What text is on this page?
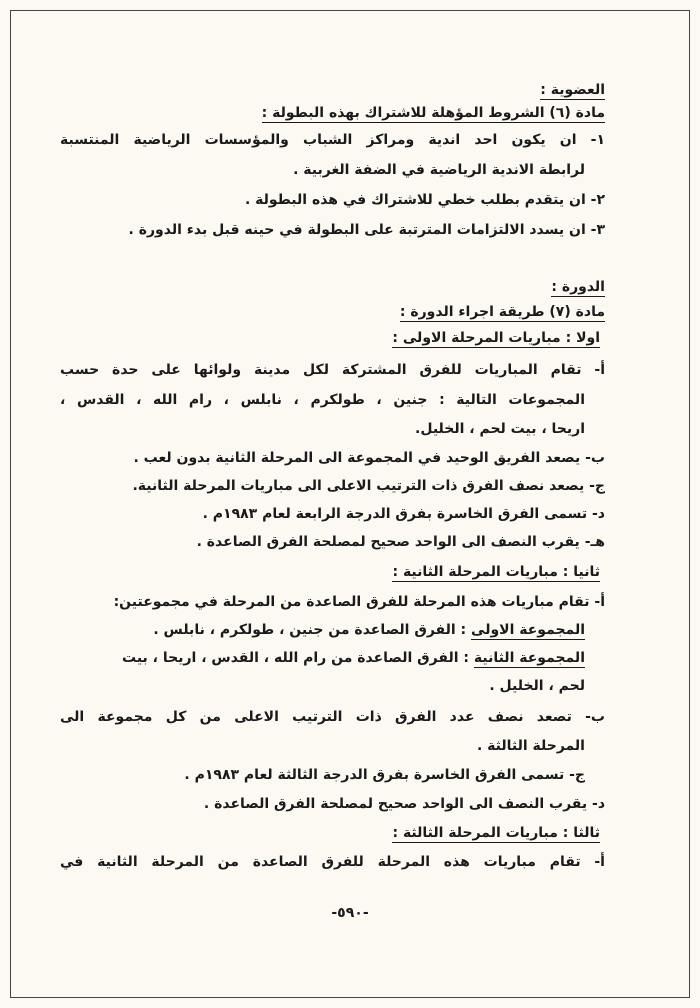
العضوية :
مادة (٦) الشروط المؤهلة للاشتراك بهذه البطولة :
١- ان يكون احد اندية ومراكز الشباب والمؤسسات الرياضية المنتسبة
لرابطة الاندية الرياضية في الضفة الغربية .
٢- ان يتقدم بطلب خطي للاشتراك في هذه البطولة .
٣- ان يسدد الالتزامات المترتبة على البطولة في حينه قبل بدء الدورة .
الدورة :
مادة (٧) طريقة اجراء الدورة :
اولا : مباريات المرحلة الاولى :
أ- تقام المباريات للفرق المشتركة لكل مدينة ولوائها على حدة حسب
المجموعات التالية : جنين ، طولكرم ، نابلس ، رام الله ، القدس ،
اريحا ، بيت لحم ، الخليل.
ب- يصعد الفريق الوحيد في المجموعة الى المرحلة الثانية بدون لعب .
ج- يصعد نصف الفرق ذات الترتيب الاعلى الى مباريات المرحلة الثانية.
د- تسمى الفرق الخاسرة بفرق الدرجة الرابعة لعام ١٩٨٣م .
هـ- يقرب النصف الى الواحد صحيح لمصلحة الفرق الصاعدة .
ثانيا : مباريات المرحلة الثانية :
أ- تقام مباريات هذه المرحلة للفرق الصاعدة من المرحلة في مجموعتين:
المجموعة الاولى : الفرق الصاعدة من جنين ، طولكرم ، نابلس .
المجموعة الثانية : الفرق الصاعدة من رام الله ، القدس ، اريحا ، بيت
لحم ، الخليل .
ب- تصعد نصف عدد الفرق ذات الترتيب الاعلى من كل مجموعة الى
المرحلة الثالثة .
ج- تسمى الفرق الخاسرة بفرق الدرجة الثالثة لعام ١٩٨٣م .
د- يقرب النصف الى الواحد صحيح لمصلحة الفرق الصاعدة .
ثالثا : مباريات المرحلة الثالثة :
أ- تقام مباريات هذه المرحلة للفرق الصاعدة من المرحلة الثانية في
-٥٩٠-
